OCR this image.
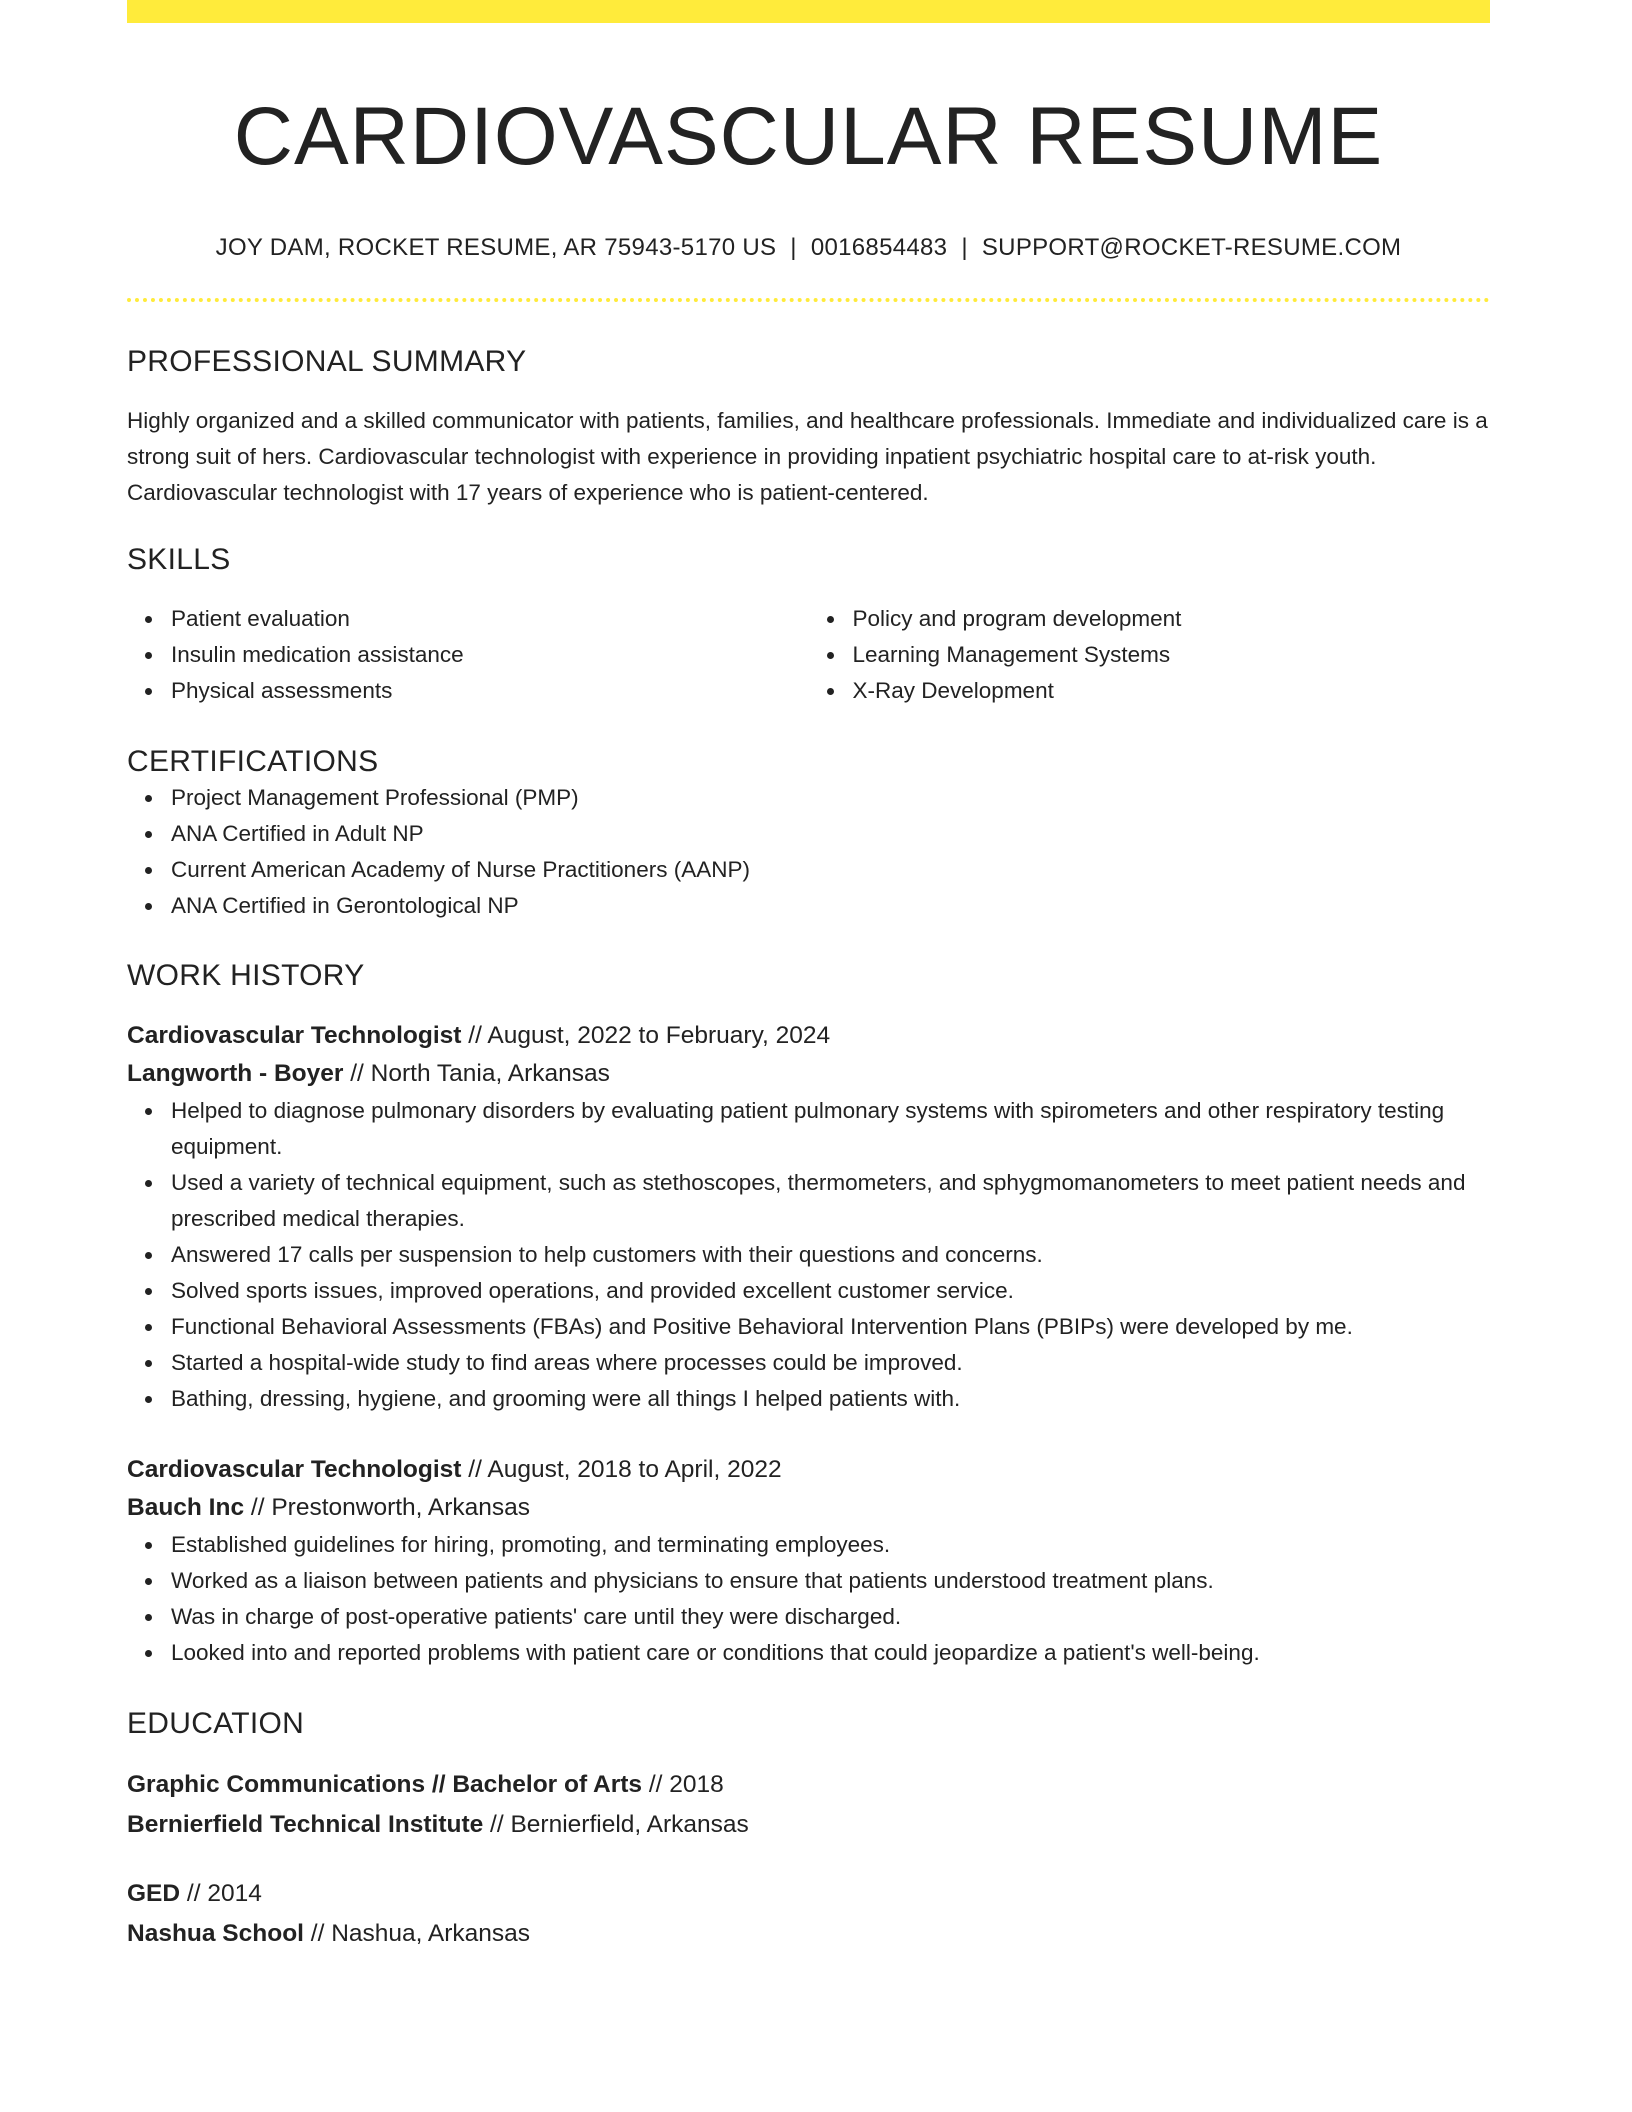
CARDIOVASCULAR RESUME
JOY DAM, ROCKET RESUME, AR 75943-5170 US | 0016854483 | SUPPORT@ROCKET-RESUME.COM
PROFESSIONAL SUMMARY
Highly organized and a skilled communicator with patients, families, and healthcare professionals. Immediate and individualized care is a strong suit of hers. Cardiovascular technologist with experience in providing inpatient psychiatric hospital care to at-risk youth. Cardiovascular technologist with 17 years of experience who is patient-centered.
SKILLS
Patient evaluation
Insulin medication assistance
Physical assessments
Policy and program development
Learning Management Systems
X-Ray Development
CERTIFICATIONS
Project Management Professional (PMP)
ANA Certified in Adult NP
Current American Academy of Nurse Practitioners (AANP)
ANA Certified in Gerontological NP
WORK HISTORY
Cardiovascular Technologist // August, 2022 to February, 2024
Langworth - Boyer // North Tania, Arkansas
Helped to diagnose pulmonary disorders by evaluating patient pulmonary systems with spirometers and other respiratory testing equipment.
Used a variety of technical equipment, such as stethoscopes, thermometers, and sphygmomanometers to meet patient needs and prescribed medical therapies.
Answered 17 calls per suspension to help customers with their questions and concerns.
Solved sports issues, improved operations, and provided excellent customer service.
Functional Behavioral Assessments (FBAs) and Positive Behavioral Intervention Plans (PBIPs) were developed by me.
Started a hospital-wide study to find areas where processes could be improved.
Bathing, dressing, hygiene, and grooming were all things I helped patients with.
Cardiovascular Technologist // August, 2018 to April, 2022
Bauch Inc // Prestonworth, Arkansas
Established guidelines for hiring, promoting, and terminating employees.
Worked as a liaison between patients and physicians to ensure that patients understood treatment plans.
Was in charge of post-operative patients' care until they were discharged.
Looked into and reported problems with patient care or conditions that could jeopardize a patient's well-being.
EDUCATION
Graphic Communications // Bachelor of Arts // 2018
Bernierfield Technical Institute // Bernierfield, Arkansas
GED // 2014
Nashua School // Nashua, Arkansas
